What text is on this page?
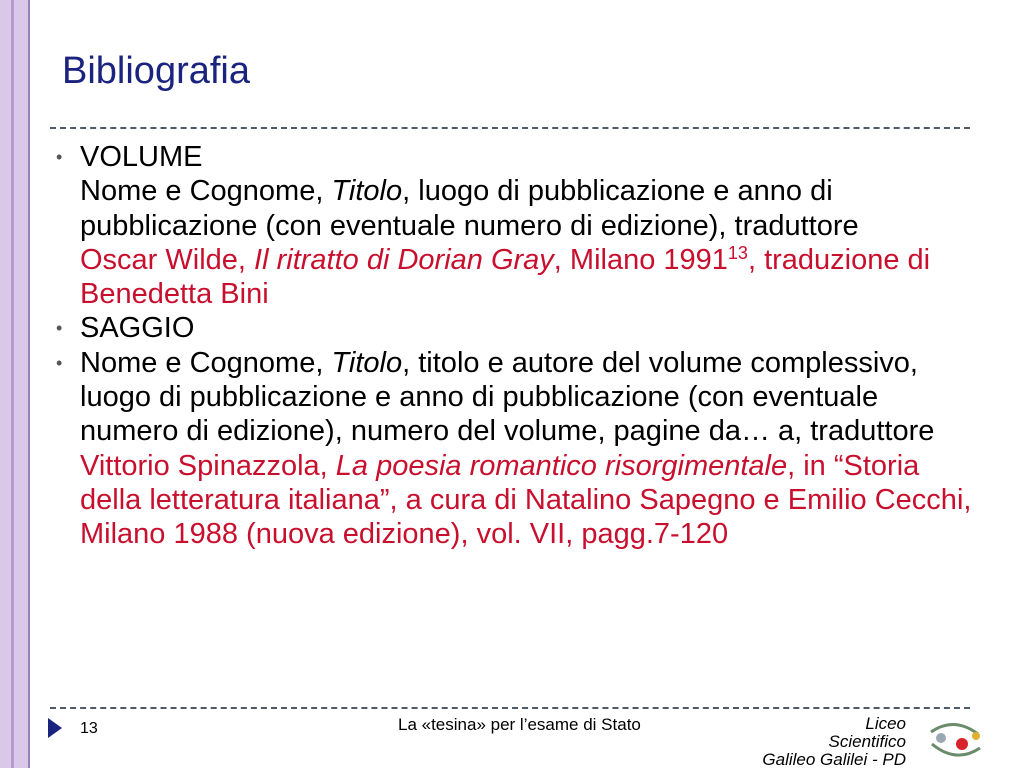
Bibliografia
• VOLUME
Nome e Cognome, Titolo, luogo di pubblicazione e anno di pubblicazione (con eventuale numero di edizione), traduttore
Oscar Wilde, Il ritratto di Dorian Gray, Milano 1991$^{13}$, traduzione di Benedetta Bini
• SAGGIO
• Nome e Cognome, Titolo, titolo e autore del volume complessivo, luogo di pubblicazione e anno di pubblicazione (con eventuale numero di edizione), numero del volume, pagine da… a, traduttore
Vittorio Spinazzola, La poesia romantico risorgimentale, in “Storia della letteratura italiana”, a cura di Natalino Sapegno e Emilio Cecchi, Milano 1988 (nuova edizione), vol. VII, pagg.7-120
13	La «tesina» per l’esame di Stato	Liceo
Scientifico
Galileo Galilei - PD
